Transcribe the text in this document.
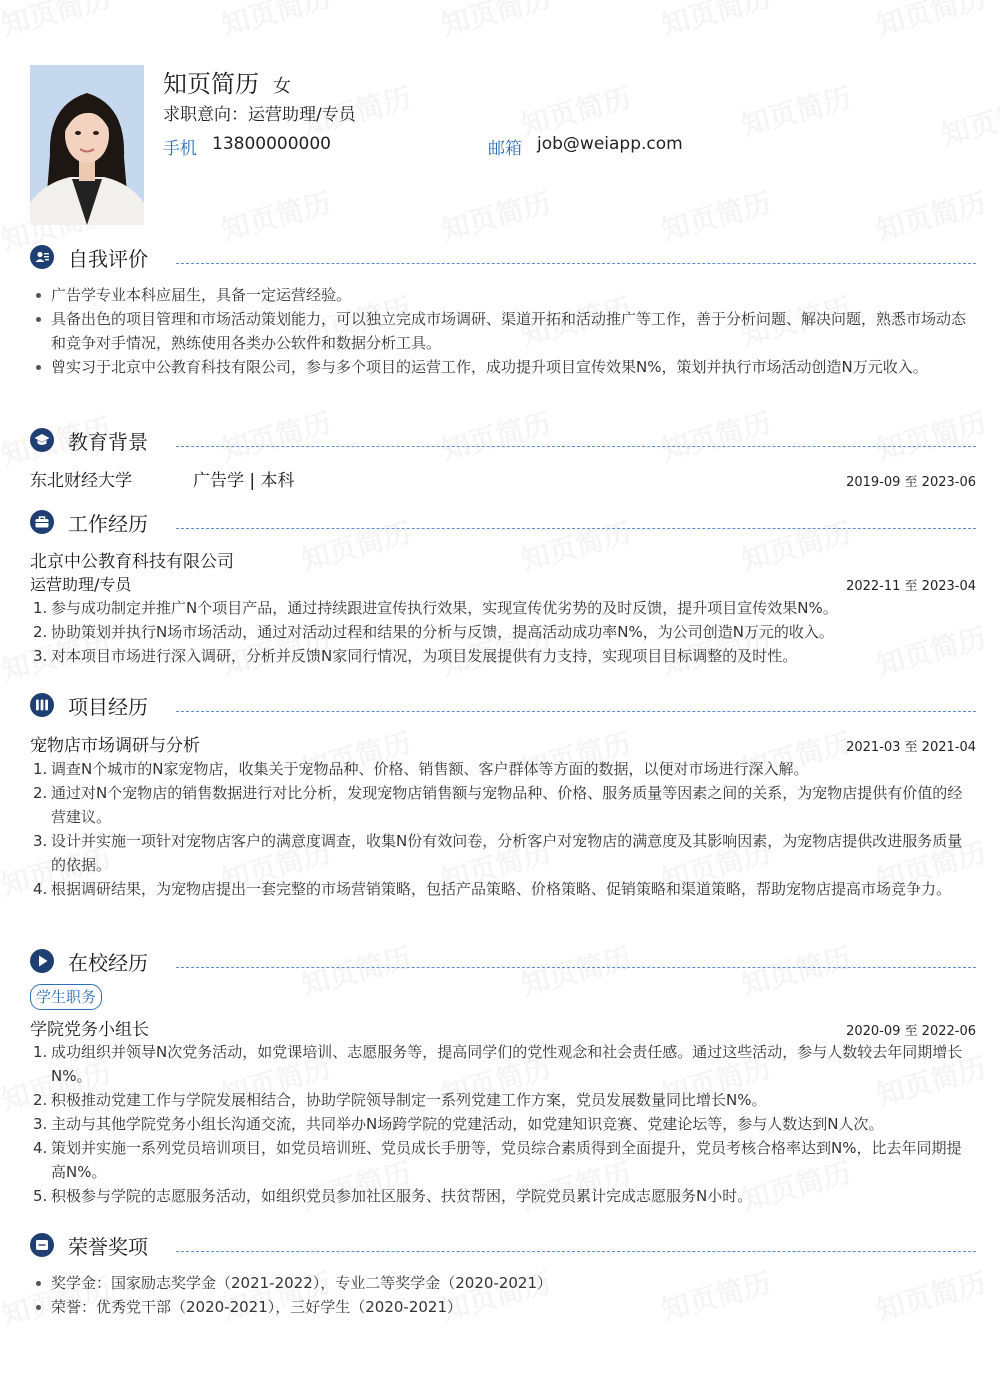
知页简历 女
求职意向：运营助理/专员
手机 13800000000	邮箱 job@weiapp.com
自我评价
广告学专业本科应届生，具备一定运营经验。
具备出色的项目管理和市场活动策划能力，可以独立完成市场调研、渠道开拓和活动推广等工作，善于分析问题、解决问题，熟悉市场动态和竞争对手情况，熟练使用各类办公软件和数据分析工具。
曾实习于北京中公教育科技有限公司，参与多个项目的运营工作，成功提升项目宣传效果N%，策划并执行市场活动创造N万元收入。
教育背景
东北财经大学	广告学 | 本科	2019-09 至 2023-06
工作经历
北京中公教育科技有限公司
运营助理/专员	2022-11 至 2023-04
1. 参与成功制定并推广N个项目产品，通过持续跟进宣传执行效果，实现宣传优劣势的及时反馈，提升项目宣传效果N%。
2. 协助策划并执行N场市场活动，通过对活动过程和结果的分析与反馈，提高活动成功率N%，为公司创造N万元的收入。
3. 对本项目市场进行深入调研，分析并反馈N家同行情况，为项目发展提供有力支持，实现项目目标调整的及时性。
项目经历
宠物店市场调研与分析	2021-03 至 2021-04
1. 调查N个城市的N家宠物店，收集关于宠物品种、价格、销售额、客户群体等方面的数据，以便对市场进行深入解。
2. 通过对N个宠物店的销售数据进行对比分析，发现宠物店销售额与宠物品种、价格、服务质量等因素之间的关系，为宠物店提供有价值的经营建议。
3. 设计并实施一项针对宠物店客户的满意度调查，收集N份有效问卷，分析客户对宠物店的满意度及其影响因素，为宠物店提供改进服务质量的依据。
4. 根据调研结果，为宠物店提出一套完整的市场营销策略，包括产品策略、价格策略、促销策略和渠道策略，帮助宠物店提高市场竞争力。
在校经历
学生职务
学院党务小组长	2020-09 至 2022-06
1. 成功组织并领导N次党务活动，如党课培训、志愿服务等，提高同学们的党性观念和社会责任感。通过这些活动，参与人数较去年同期增长N%。
2. 积极推动党建工作与学院发展相结合，协助学院领导制定一系列党建工作方案，党员发展数量同比增长N%。
3. 主动与其他学院党务小组长沟通交流，共同举办N场跨学院的党建活动，如党建知识竞赛、党建论坛等，参与人数达到N人次。
4. 策划并实施一系列党员培训项目，如党员培训班、党员成长手册等，党员综合素质得到全面提升，党员考核合格率达到N%，比去年同期提高N%。
5. 积极参与学院的志愿服务活动，如组织党员参加社区服务、扶贫帮困，学院党员累计完成志愿服务N小时。
荣誉奖项
奖学金：国家励志奖学金（2021-2022），专业二等奖学金（2020-2021）
荣誉：优秀党干部（2020-2021），三好学生（2020-2021）
